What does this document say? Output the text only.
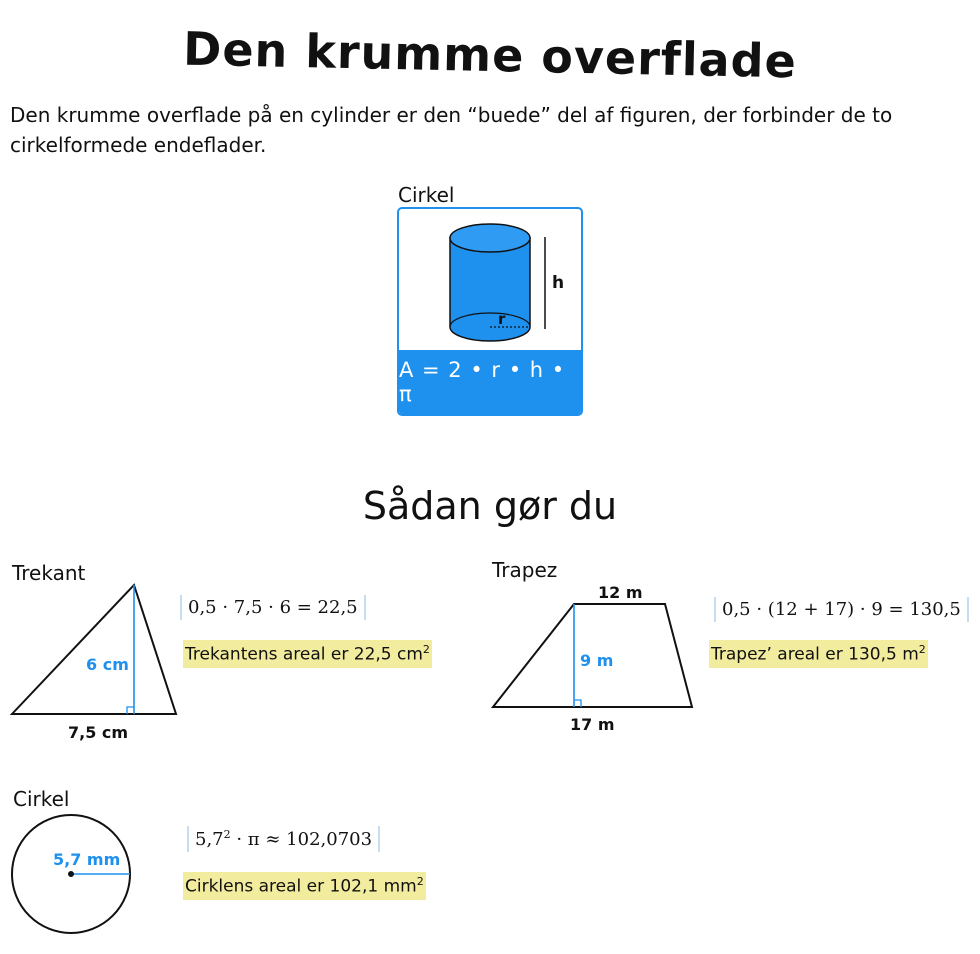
Den krumme overflade
Den krumme overflade på en cylinder er den “buede” del af figuren, der forbinder de to cirkelformede endeflader.
Cirkel
h
r
A = 2 • r • h • π
Sådan gør du
Trekant
6 cm
7,5 cm
0,5 · 7,5 · 6 = 22,5
Trekantens areal er 22,5 $cm^2$
Trapez
12 m
9 m
17 m
0,5 · (12 + 17) · 9 = 130,5
Trapez’ areal er 130,5 $m^2$
Cirkel
5,7 mm
$5,7^2 \cdot \pi \approx 102,0703$
Cirklens areal er 102,1 $mm^2$
